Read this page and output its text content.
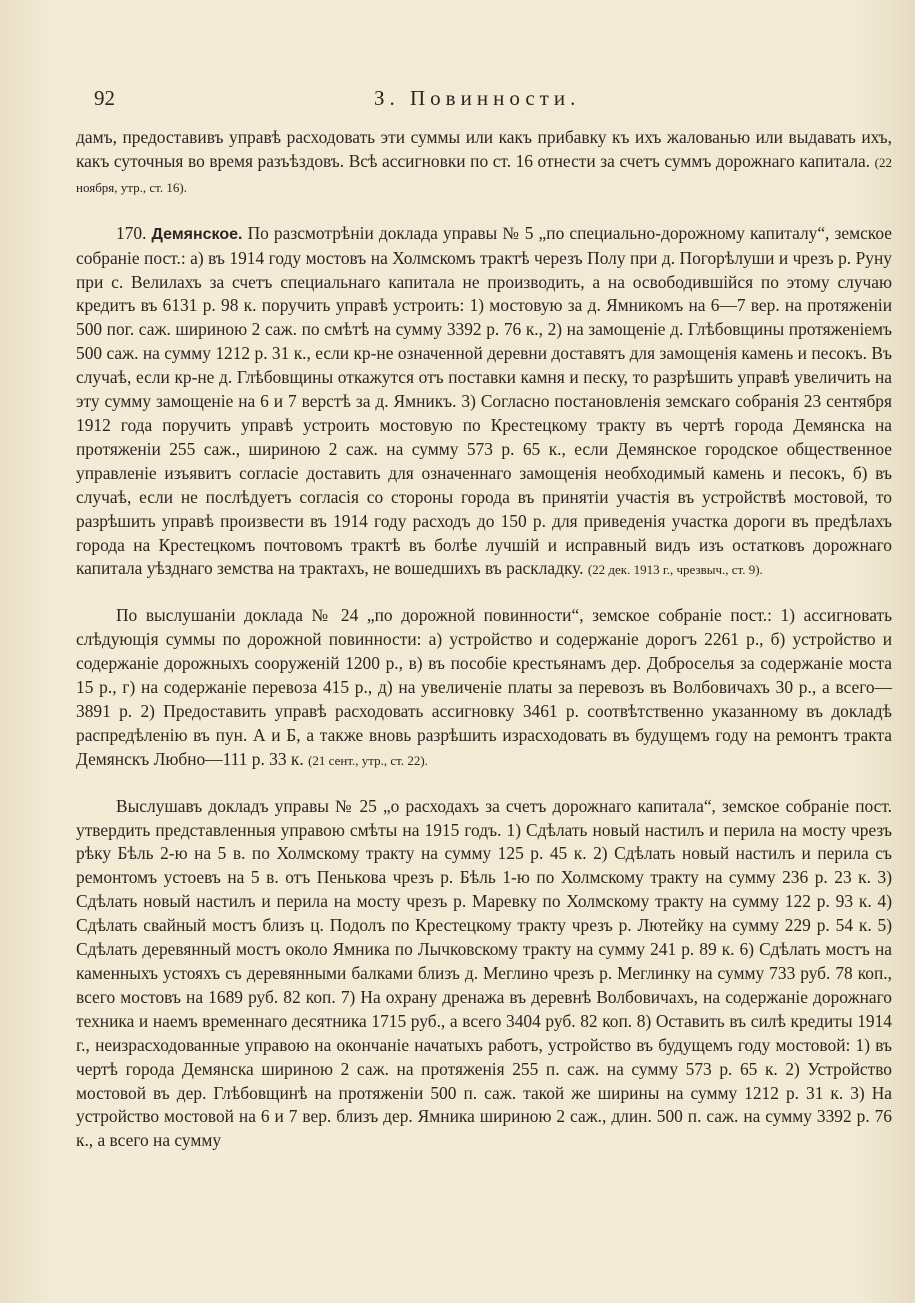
92	З. Повинности.

дамъ, предоставивъ управѣ расходовать эти суммы или какъ прибавку къ ихъ жалованью или выдавать ихъ, какъ суточныя во время разъѣздовъ. Всѣ ассигновки по ст. 16 отнести за счетъ суммъ дорожнаго капитала. (22 ноября, утр., ст. 16).

170. Демянское. По разсмотрѣніи доклада управы № 5 „по специально-дорожному капиталу“, земское собраніе пост.: а) въ 1914 году мостовъ на Холмскомъ трактѣ черезъ Полу при д. Погорѣлуши и чрезъ р. Руну при с. Велилахъ за счетъ специальнаго капитала не производить, а на освободившійся по этому случаю кредитъ въ 6131 р. 98 к. поручить управѣ устроить: 1) мостовую за д. Ямникомъ на 6—7 вер. на протяженіи 500 пог. саж. шириною 2 саж. по смѣтѣ на сумму 3392 р. 76 к., 2) на замощеніе д. Глѣбовщины протяженіемъ 500 саж. на сумму 1212 р. 31 к., если кр-не означенной деревни доставятъ для замощенія камень и песокъ. Въ случаѣ, если кр-не д. Глѣбовщины откажутся отъ поставки камня и песку, то разрѣшить управѣ увеличить на эту сумму замощеніе на 6 и 7 верстѣ за д. Ямникъ. 3) Согласно постановленія земскаго собранія 23 сентября 1912 года поручить управѣ устроить мостовую по Крестецкому тракту въ чертѣ города Демянска на протяженіи 255 саж., шириною 2 саж. на сумму 573 р. 65 к., если Демянское городское общественное управленіе изъявитъ согласіе доставить для означеннаго замощенія необходимый камень и песокъ, б) въ случаѣ, если не послѣдуетъ согласія со стороны города въ принятіи участія въ устройствѣ мостовой, то разрѣшить управѣ произвести въ 1914 году расходъ до 150 р. для приведенія участка дороги въ предѣлахъ города на Крестецкомъ почтовомъ трактѣ въ болѣе лучшій и исправный видъ изъ остатковъ дорожнаго капитала уѣзднаго земства на трактахъ, не вошедшихъ въ раскладку. (22 дек. 1913 г., чрезвыч., ст. 9).

По выслушаніи доклада № 24 „по дорожной повинности“, земское собраніе пост.: 1) ассигновать слѣдующія суммы по дорожной повинности: а) устройство и содержаніе дорогъ 2261 р., б) устройство и содержаніе дорожныхъ сооруженій 1200 р., в) въ пособіе крестьянамъ дер. Доброселья за содержаніе моста 15 р., г) на содержаніе перевоза 415 р., д) на увеличеніе платы за перевозъ въ Волбовичахъ 30 р., а всего—3891 р. 2) Предоставить управѣ расходовать ассигновку 3461 р. соотвѣтственно указанному въ докладѣ распредѣленію въ пун. А и Б, а также вновь разрѣшить израсходовать въ будущемъ году на ремонтъ тракта Демянскъ Любно—111 р. 33 к. (21 сент., утр., ст. 22).

Выслушавъ докладъ управы № 25 „о расходахъ за счетъ дорожнаго капитала“, земское собраніе пост. утвердить представленныя управою смѣты на 1915 годъ. 1) Сдѣлать новый настилъ и перила на мосту чрезъ рѣку Бѣль 2-ю на 5 в. по Холмскому тракту на сумму 125 р. 45 к. 2) Сдѣлать новый настилъ и перила съ ремонтомъ устоевъ на 5 в. отъ Пенькова чрезъ р. Бѣль 1-ю по Холмскому тракту на сумму 236 р. 23 к. 3) Сдѣлать новый настилъ и перила на мосту чрезъ р. Маревку по Холмскому тракту на сумму 122 р. 93 к. 4) Сдѣлать свайный мостъ близъ ц. Подолъ по Крестецкому тракту чрезъ р. Лютейку на сумму 229 р. 54 к. 5) Сдѣлать деревянный мостъ около Ямника по Лычковскому тракту на сумму 241 р. 89 к. 6) Сдѣлать мостъ на каменныхъ устояхъ съ деревянными балками близъ д. Меглино чрезъ р. Меглинку на сумму 733 руб. 78 коп., всего мостовъ на 1689 руб. 82 коп. 7) На охрану дренажа въ деревнѣ Волбовичахъ, на содержаніе дорожнаго техника и наемъ временнаго десятника 1715 руб., а всего 3404 руб. 82 коп. 8) Оставить въ силѣ кредиты 1914 г., неизрасходованные управою на окончаніе начатыхъ работъ, устройство въ будущемъ году мостовой: 1) въ чертѣ города Демянска шириною 2 саж. на протяженія 255 п. саж. на сумму 573 р. 65 к. 2) Устройство мостовой въ дер. Глѣбовщинѣ на протяженіи 500 п. саж. такой же ширины на сумму 1212 р. 31 к. 3) На устройство мостовой на 6 и 7 вер. близъ дер. Ямника шириною 2 саж., длин. 500 п. саж. на сумму 3392 р. 76 к., а всего на сумму
